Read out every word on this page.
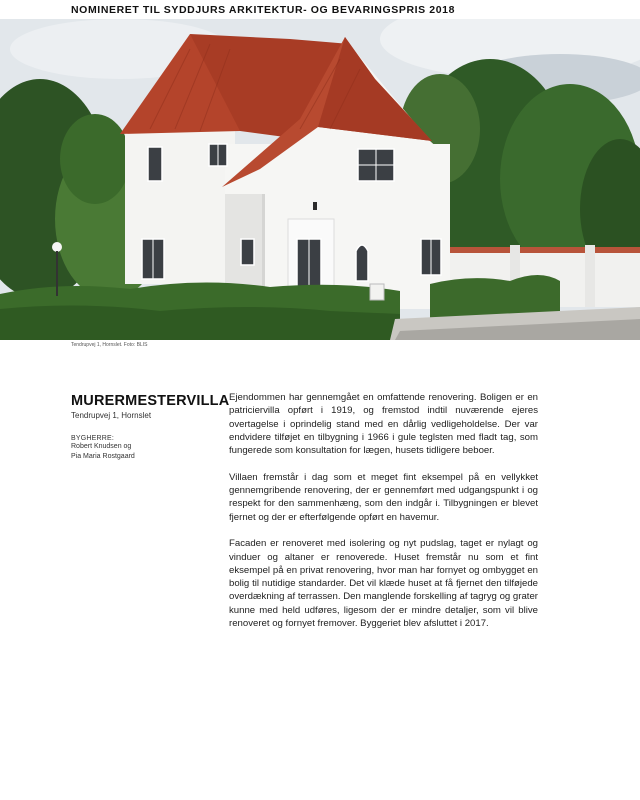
NOMINERET TIL SYDDJURS ARKITEKTUR- OG BEVARINGSPRIS 2018
Tendrupvej 1, Hornslet. Foto: BLIS
MURERMESTERVILLA
Tendrupvej 1, Hornslet
BYGHERRE:
Robert Knudsen og
Pia Maria Rostgaard

Ejendommen har gennemgået en omfattende renovering. Boligen er en patriciervilla opført i 1919, og fremstod indtil nuværende ejeres overtagelse i oprindelig stand med en dårlig vedligeholdelse. Der var endvidere tilføjet en tilbygning i 1966 i gule teglsten med fladt tag, som fungerede som konsultation for lægen, husets tidligere beboer.

Villaen fremstår i dag som et meget fint eksempel på en vellykket gennemgribende renovering, der er gennemført med udgangspunkt i og respekt for den sammenhæng, som den indgår i. Tilbygningen er blevet fjernet og der er efterfølgende opført en havemur.

Facaden er renoveret med isolering og nyt pudslag, taget er nylagt og vinduer og altaner er renoverede. Huset fremstår nu som et fint eksempel på en privat renovering, hvor man har fornyet og ombygget en bolig til nutidige standarder. Det vil klæde huset at få fjernet den tilføjede overdækning af terrassen. Den manglende forskelling af tagryg og grater kunne med held udføres, ligesom der er mindre detaljer, som vil blive renoveret og fornyet fremover. Byggeriet blev afsluttet i 2017.
